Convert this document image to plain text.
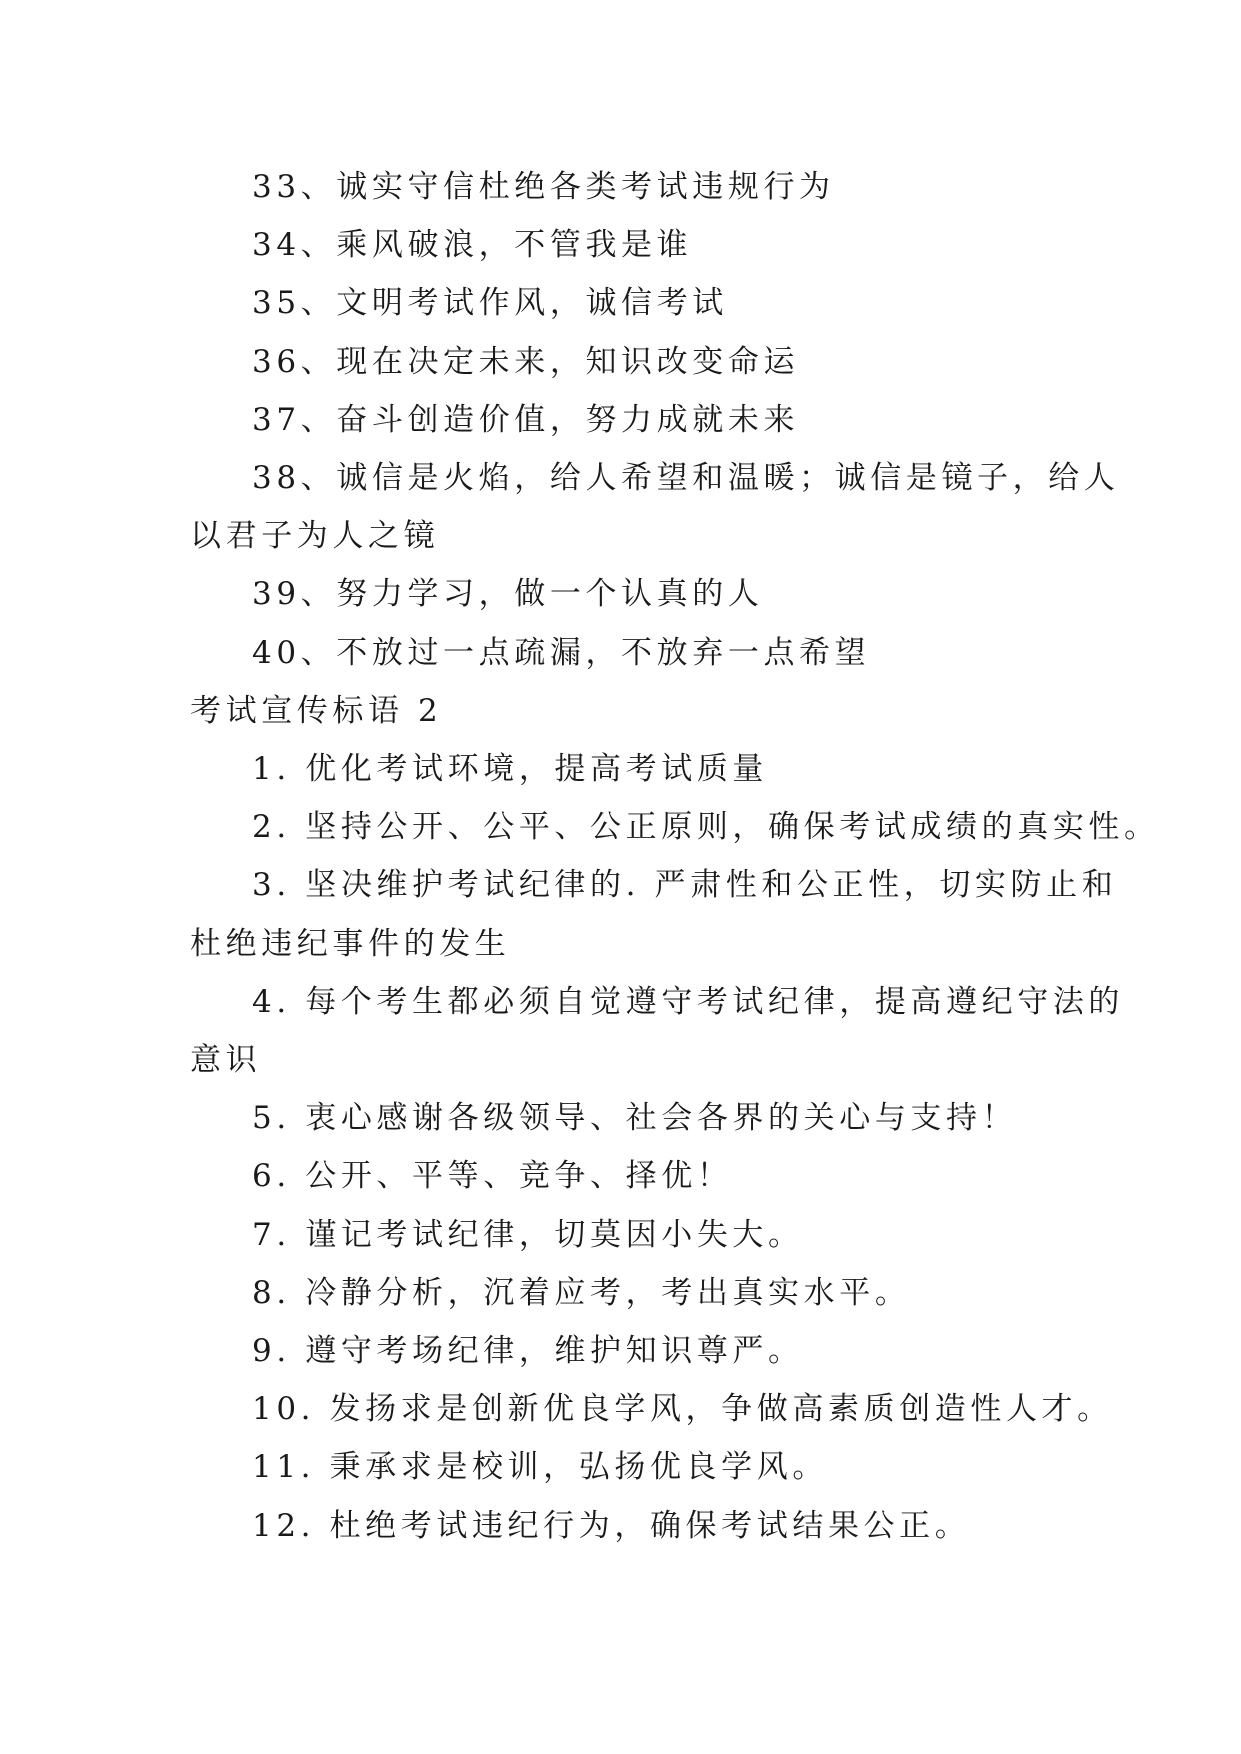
33、诚实守信杜绝各类考试违规行为
34、乘风破浪，不管我是谁
35、文明考试作风，诚信考试
36、现在决定未来，知识改变命运
37、奋斗创造价值，努力成就未来
38、诚信是火焰，给人希望和温暖；诚信是镜子，给人
以君子为人之镜
39、努力学习，做一个认真的人
40、不放过一点疏漏，不放弃一点希望
考试宣传标语 2
1. 优化考试环境，提高考试质量
2. 坚持公开、公平、公正原则，确保考试成绩的真实性。
3. 坚决维护考试纪律的. 严肃性和公正性，切实防止和
杜绝违纪事件的发生
4. 每个考生都必须自觉遵守考试纪律，提高遵纪守法的
意识
5. 衷心感谢各级领导、社会各界的关心与支持！
6. 公开、平等、竞争、择优！
7. 谨记考试纪律，切莫因小失大。
8. 冷静分析，沉着应考，考出真实水平。
9. 遵守考场纪律，维护知识尊严。
10. 发扬求是创新优良学风，争做高素质创造性人才。
11. 秉承求是校训，弘扬优良学风。
12. 杜绝考试违纪行为，确保考试结果公正。
